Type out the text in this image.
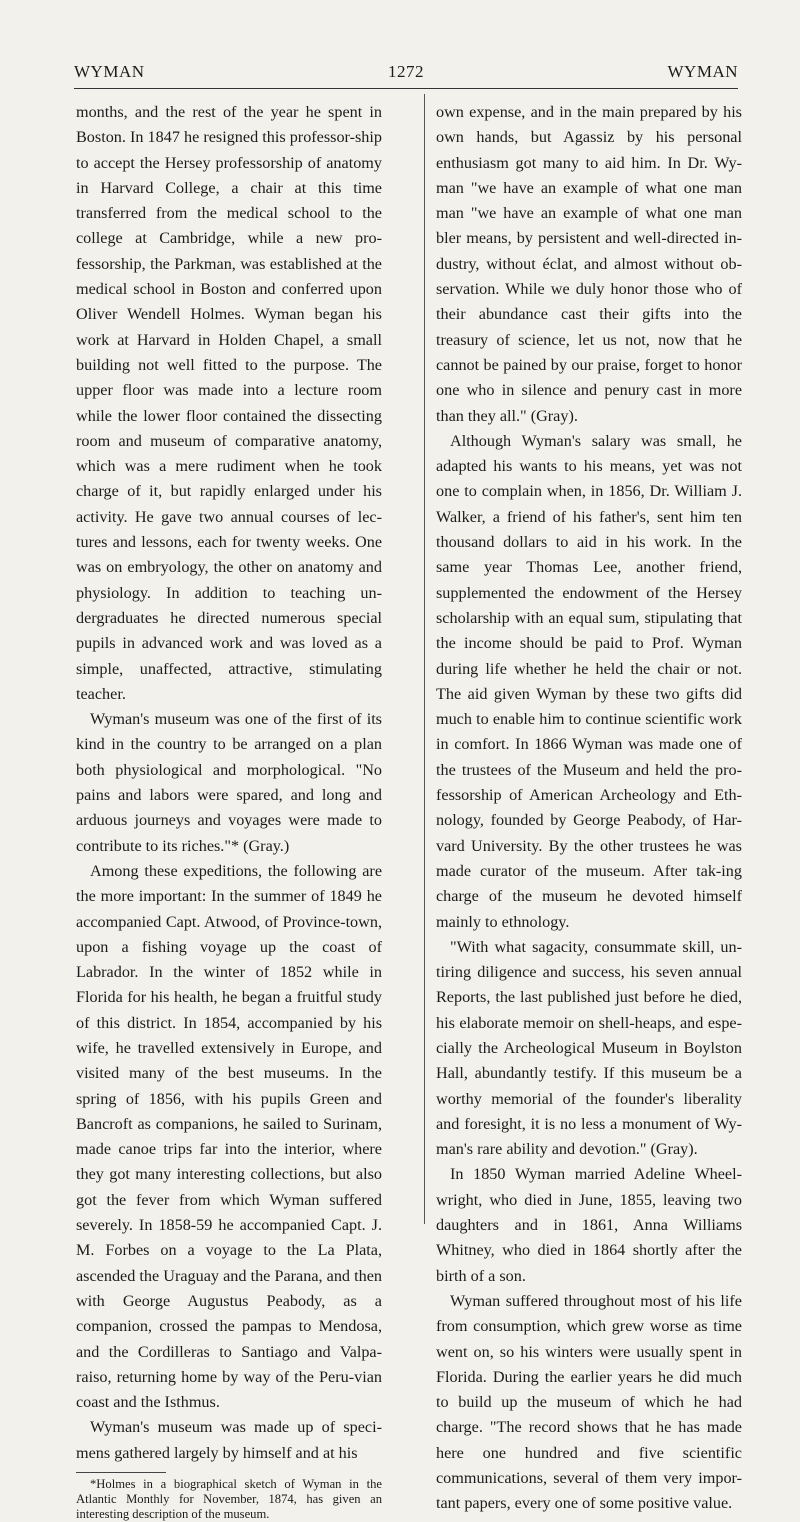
WYMAN	1272	WYMAN

months, and the rest of the year he spent in Boston. In 1847 he resigned this professor-ship to accept the Hersey professorship of anatomy in Harvard College, a chair at this time transferred from the medical school to the college at Cambridge, while a new pro-fessorship, the Parkman, was established at the medical school in Boston and conferred upon Oliver Wendell Holmes. Wyman began his work at Harvard in Holden Chapel, a small building not well fitted to the purpose. The upper floor was made into a lecture room while the lower floor contained the dissecting room and museum of comparative anatomy, which was a mere rudiment when he took charge of it, but rapidly enlarged under his activity. He gave two annual courses of lec-tures and lessons, each for twenty weeks. One was on embryology, the other on anatomy and physiology. In addition to teaching un-dergraduates he directed numerous special pupils in advanced work and was loved as a simple, unaffected, attractive, stimulating teacher.

Wyman's museum was one of the first of its kind in the country to be arranged on a plan both physiological and morphological. "No pains and labors were spared, and long and arduous journeys and voyages were made to contribute to its riches."* (Gray.)

Among these expeditions, the following are the more important: In the summer of 1849 he accompanied Capt. Atwood, of Province-town, upon a fishing voyage up the coast of Labrador. In the winter of 1852 while in Florida for his health, he began a fruitful study of this district. In 1854, accompanied by his wife, he travelled extensively in Europe, and visited many of the best museums. In the spring of 1856, with his pupils Green and Bancroft as companions, he sailed to Surinam, made canoe trips far into the interior, where they got many interesting collections, but also got the fever from which Wyman suffered severely. In 1858-59 he accompanied Capt. J. M. Forbes on a voyage to the La Plata, ascended the Uraguay and the Parana, and then with George Augustus Peabody, as a companion, crossed the pampas to Mendosa, and the Cordilleras to Santiago and Valpa-raiso, returning home by way of the Peru-vian coast and the Isthmus.

Wyman's museum was made up of speci-mens gathered largely by himself and at his

*Holmes in a biographical sketch of Wyman in the Atlantic Monthly for November, 1874, has given an interesting description of the museum.

own expense, and in the main prepared by his own hands, but Agassiz by his personal enthusiasm got many to aid him. In Dr. Wy-man "we have an example of what one man man "we have an example of what one man bler means, by persistent and well-directed in-dustry, without éclat, and almost without ob-servation. While we duly honor those who of their abundance cast their gifts into the treasury of science, let us not, now that he cannot be pained by our praise, forget to honor one who in silence and penury cast in more than they all." (Gray).

Although Wyman's salary was small, he adapted his wants to his means, yet was not one to complain when, in 1856, Dr. William J. Walker, a friend of his father's, sent him ten thousand dollars to aid in his work. In the same year Thomas Lee, another friend, supplemented the endowment of the Hersey scholarship with an equal sum, stipulating that the income should be paid to Prof. Wyman during life whether he held the chair or not. The aid given Wyman by these two gifts did much to enable him to continue scientific work in comfort. In 1866 Wyman was made one of the trustees of the Museum and held the pro-fessorship of American Archeology and Eth-nology, founded by George Peabody, of Har-vard University. By the other trustees he was made curator of the museum. After tak-ing charge of the museum he devoted himself mainly to ethnology.

"With what sagacity, consummate skill, un-tiring diligence and success, his seven annual Reports, the last published just before he died, his elaborate memoir on shell-heaps, and espe-cially the Archeological Museum in Boylston Hall, abundantly testify. If this museum be a worthy memorial of the founder's liberality and foresight, it is no less a monument of Wy-man's rare ability and devotion." (Gray).

In 1850 Wyman married Adeline Wheel-wright, who died in June, 1855, leaving two daughters and in 1861, Anna Williams Whitney, who died in 1864 shortly after the birth of a son.

Wyman suffered throughout most of his life from consumption, which grew worse as time went on, so his winters were usually spent in Florida. During the earlier years he did much to build up the museum of which he had charge. "The record shows that he has made here one hundred and five scientific communications, several of them very impor-tant papers, every one of some positive value.
